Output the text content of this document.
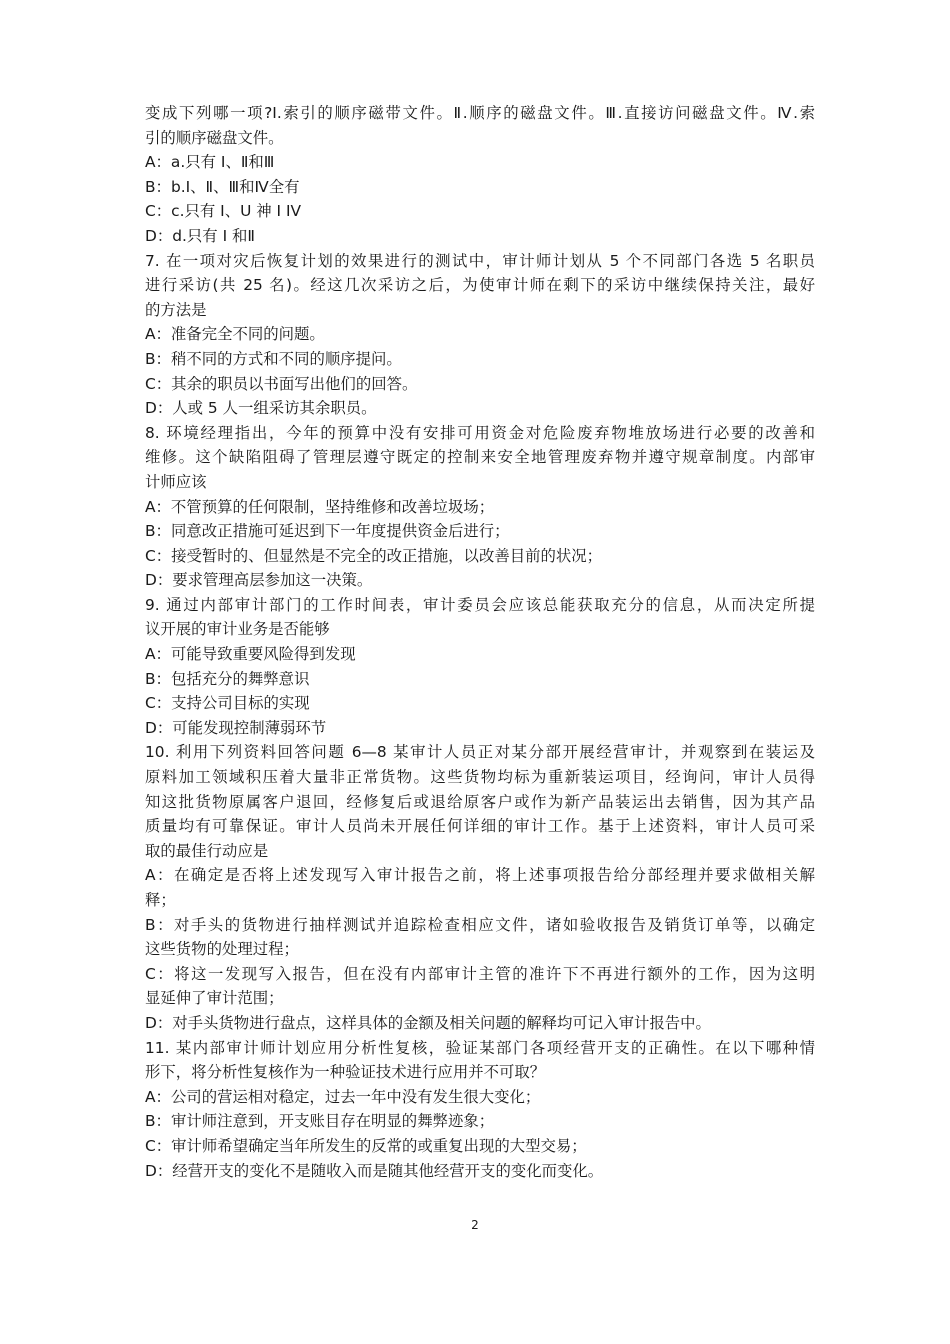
变成下列哪一项?I.索引的顺序磁带文件。Ⅱ.顺序的磁盘文件。Ⅲ.直接访问磁盘文件。Ⅳ.索
引的顺序磁盘文件。
A：a.只有 I、Ⅱ和Ⅲ
B：b.I、Ⅱ、Ⅲ和Ⅳ全有
C：c.只有 I、U 神 I IV
D：d.只有 I 和Ⅱ
7. 在一项对灾后恢复计划的效果进行的测试中，审计师计划从 5 个不同部门各选 5 名职员
进行采访(共 25 名)。经这几次采访之后，为使审计师在剩下的采访中继续保持关注，最好
的方法是
A：准备完全不同的问题。
B：稍不同的方式和不同的顺序提问。
C：其余的职员以书面写出他们的回答。
D：人或 5 人一组采访其余职员。
8. 环境经理指出，今年的预算中没有安排可用资金对危险废弃物堆放场进行必要的改善和
维修。这个缺陷阻碍了管理层遵守既定的控制来安全地管理废弃物并遵守规章制度。内部审
计师应该
A：不管预算的任何限制，坚持维修和改善垃圾场；
B：同意改正措施可延迟到下一年度提供资金后进行；
C：接受暂时的、但显然是不完全的改正措施，以改善目前的状况；
D：要求管理高层参加这一决策。
9. 通过内部审计部门的工作时间表，审计委员会应该总能获取充分的信息，从而决定所提
议开展的审计业务是否能够
A：可能导致重要风险得到发现
B：包括充分的舞弊意识
C：支持公司目标的实现
D：可能发现控制薄弱环节
10. 利用下列资料回答问题 6—8 某审计人员正对某分部开展经营审计，并观察到在装运及
原料加工领域积压着大量非正常货物。这些货物均标为重新装运项目，经询问，审计人员得
知这批货物原属客户退回，经修复后或退给原客户或作为新产品装运出去销售，因为其产品
质量均有可靠保证。审计人员尚未开展任何详细的审计工作。基于上述资料，审计人员可采
取的最佳行动应是
A：在确定是否将上述发现写入审计报告之前，将上述事项报告给分部经理并要求做相关解
释；
B：对手头的货物进行抽样测试并追踪检查相应文件，诸如验收报告及销货订单等，以确定
这些货物的处理过程；
C：将这一发现写入报告，但在没有内部审计主管的准许下不再进行额外的工作，因为这明
显延伸了审计范围；
D：对手头货物进行盘点，这样具体的金额及相关问题的解释均可记入审计报告中。
11. 某内部审计师计划应用分析性复核，验证某部门各项经营开支的正确性。在以下哪种情
形下，将分析性复核作为一种验证技术进行应用并不可取？
A：公司的营运相对稳定，过去一年中没有发生很大变化；
B：审计师注意到，开支账目存在明显的舞弊迹象；
C：审计师希望确定当年所发生的反常的或重复出现的大型交易；
D：经营开支的变化不是随收入而是随其他经营开支的变化而变化。
2
